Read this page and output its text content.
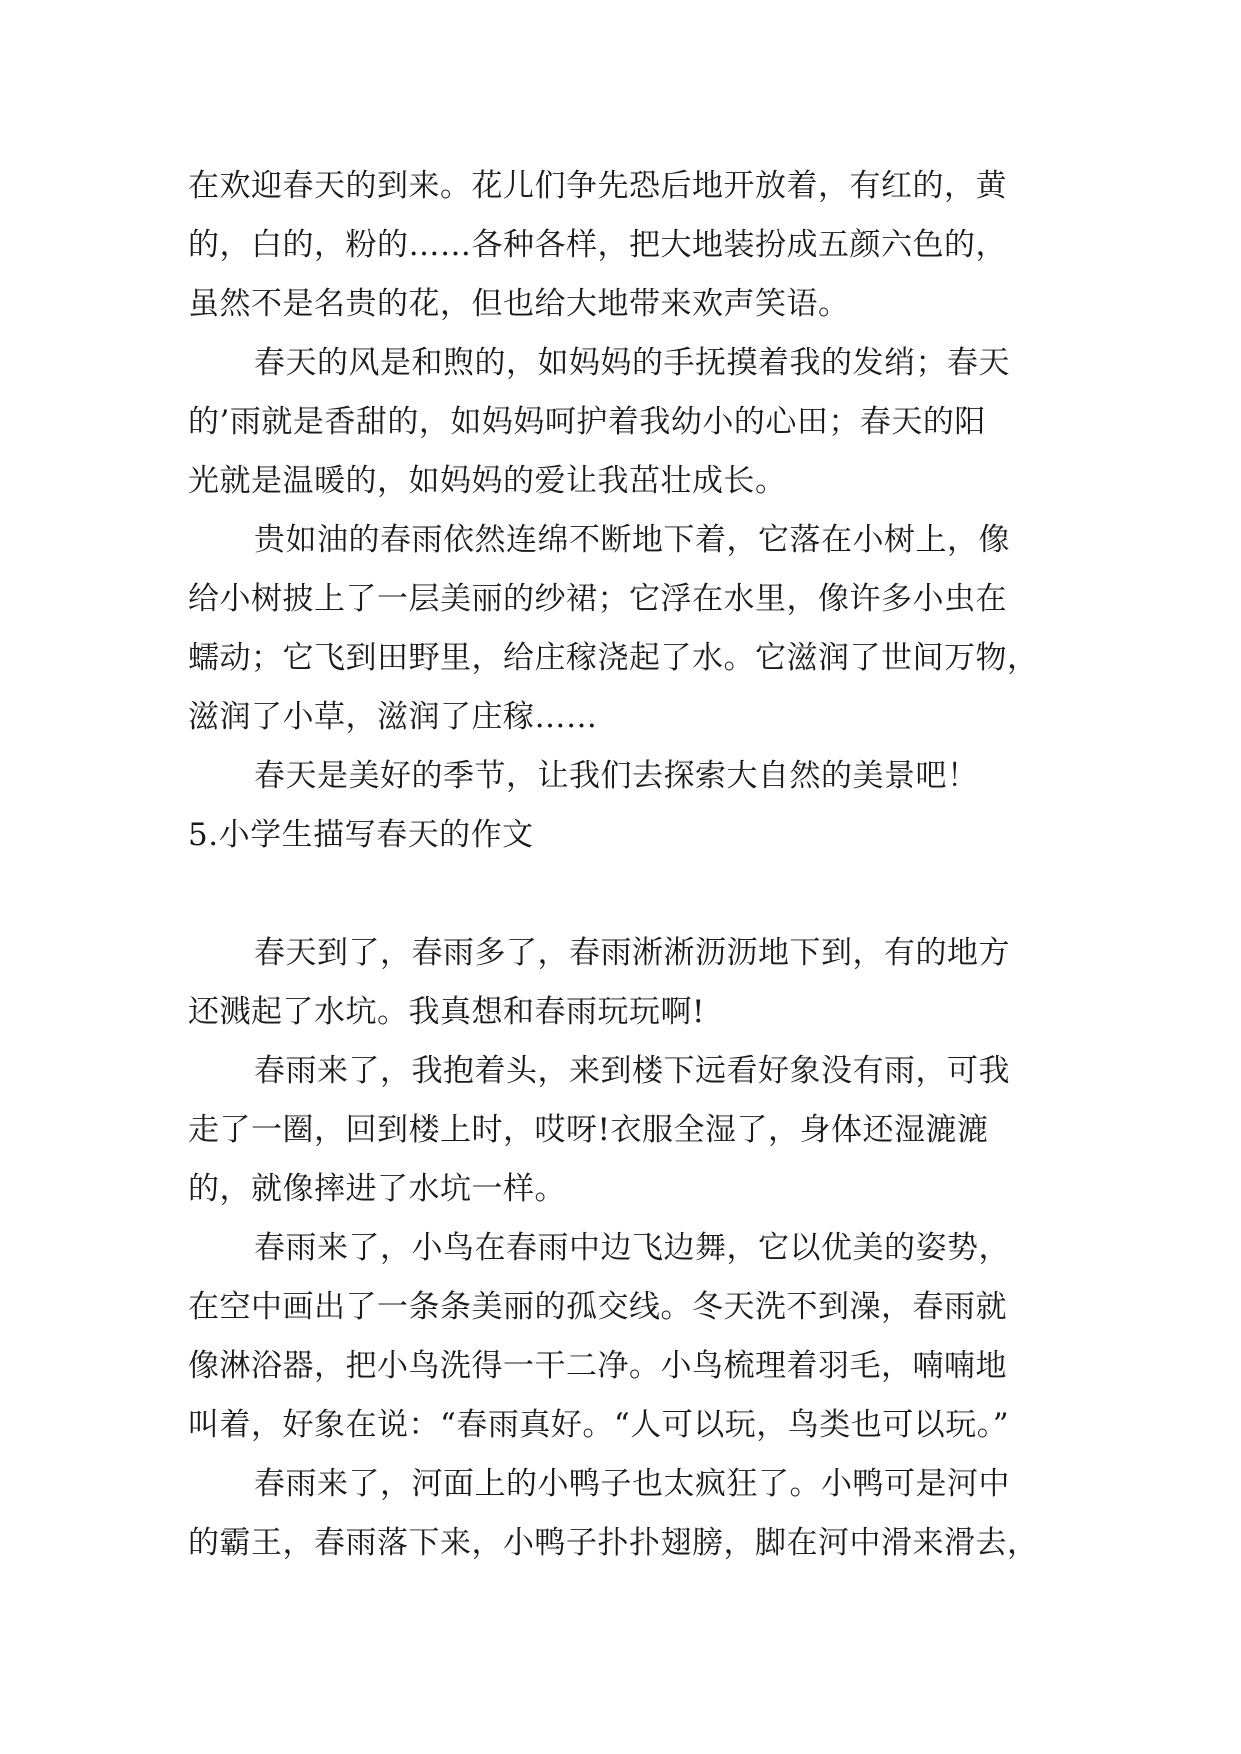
在欢迎春天的到来。花儿们争先恐后地开放着，有红的，黄

的，白的，粉的……各种各样，把大地装扮成五颜六色的，

虽然不是名贵的花，但也给大地带来欢声笑语。

春天的风是和煦的，如妈妈的手抚摸着我的发绡；春天

的’雨就是香甜的，如妈妈呵护着我幼小的心田；春天的阳

光就是温暖的，如妈妈的爱让我茁壮成长。

贵如油的春雨依然连绵不断地下着，它落在小树上，像

给小树披上了一层美丽的纱裙；它浮在水里，像许多小虫在

蠕动；它飞到田野里，给庄稼浇起了水。它滋润了世间万物，

滋润了小草，滋润了庄稼……

春天是美好的季节，让我们去探索大自然的美景吧！

5.小学生描写春天的作文

春天到了，春雨多了，春雨淅淅沥沥地下到，有的地方

还溅起了水坑。我真想和春雨玩玩啊!

春雨来了，我抱着头，来到楼下远看好象没有雨，可我

走了一圈，回到楼上时，哎呀!衣服全湿了，身体还湿漉漉

的，就像摔进了水坑一样。

春雨来了，小鸟在春雨中边飞边舞，它以优美的姿势，

在空中画出了一条条美丽的孤交线。冬天洗不到澡，春雨就

像淋浴器，把小鸟洗得一干二净。小鸟梳理着羽毛，喃喃地

叫着，好象在说：“春雨真好。“人可以玩，鸟类也可以玩。”

春雨来了，河面上的小鸭子也太疯狂了。小鸭可是河中

的霸王，春雨落下来，小鸭子扑扑翅膀，脚在河中滑来滑去，
